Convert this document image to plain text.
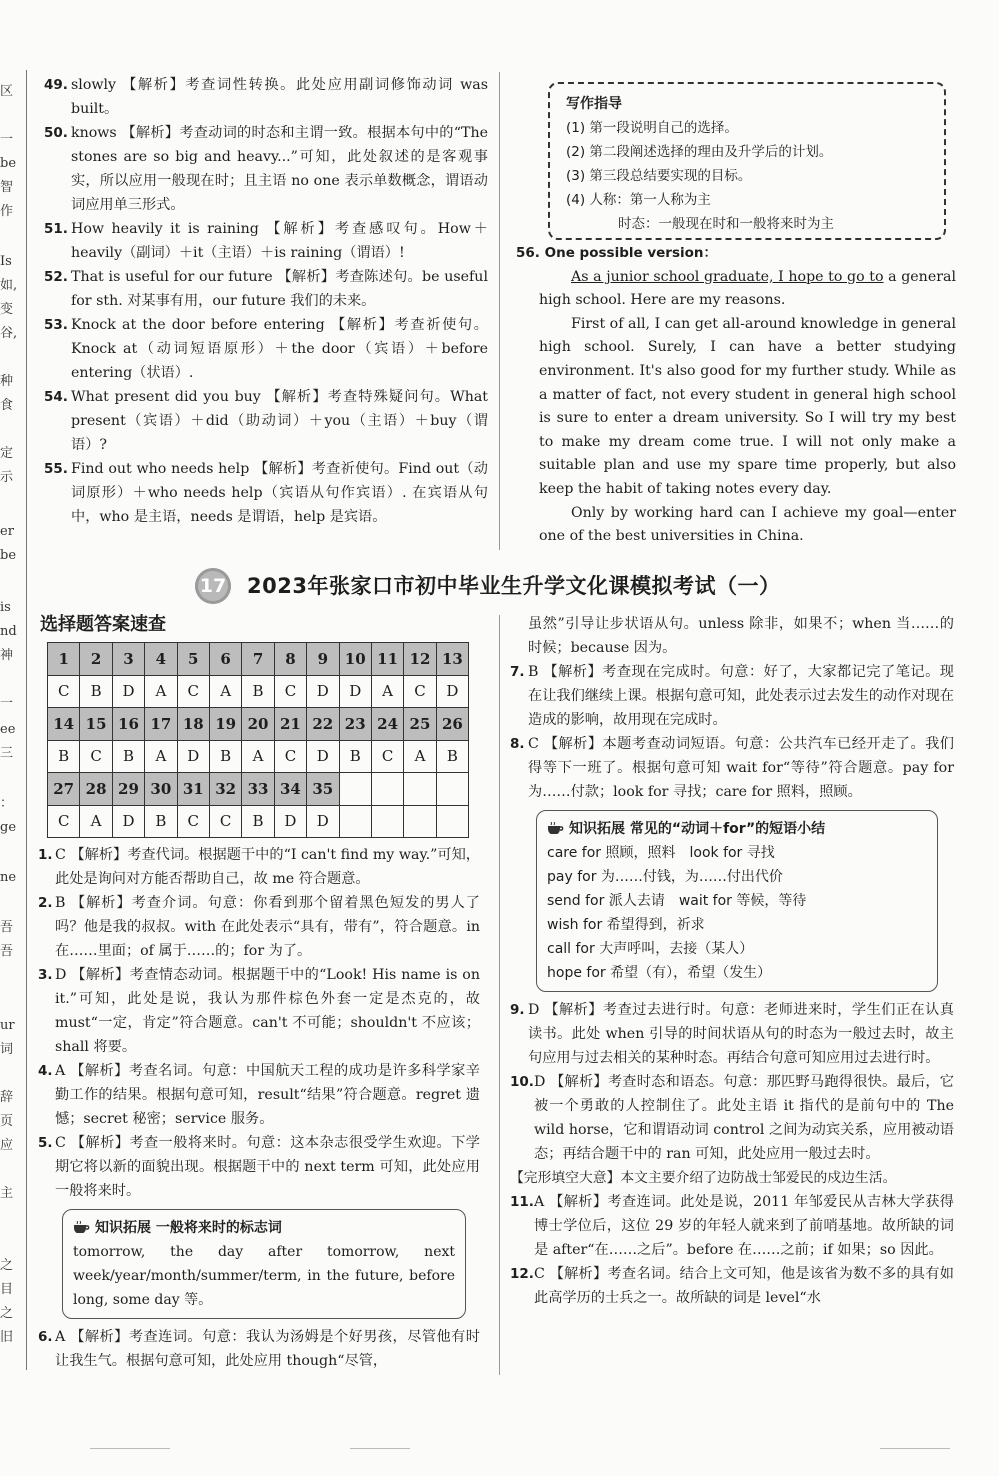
区
一
be
智
作
Is
如,
变
谷,
种
食
定
示
er
be
is
nd
神
一
ee
三
：
ge
ne
吾
吾
ur
词
辞
页
应
主
之
目
之
旧
49. slowly 【解析】考查词性转换。此处应用副词修饰动词 was built。

50. knows 【解析】考查动词的时态和主谓一致。根据本句中的“The stones are so big and heavy...”可知，此处叙述的是客观事实，所以应用一般现在时；且主语 no one 表示单数概念，谓语动词应用单三形式。

51. How heavily it is raining 【解析】考查感叹句。How＋heavily（副词）＋it（主语）＋is raining（谓语）!

52. That is useful for our future 【解析】考查陈述句。be useful for sth. 对某事有用，our future 我们的未来。

53. Knock at the door before entering 【解析】考查祈使句。Knock at（动词短语原形）＋the door（宾语）＋before entering（状语）.

54. What present did you buy 【解析】考查特殊疑问句。What present（宾语）＋did（助动词）＋you（主语）＋buy（谓语）?

55. Find out who needs help 【解析】考查祈使句。Find out（动词原形）＋who needs help（宾语从句作宾语）. 在宾语从句中，who 是主语，needs 是谓语，help 是宾语。

写作指导
(1) 第一段说明自己的选择。
(2) 第二段阐述选择的理由及升学后的计划。
(3) 第三段总结要实现的目标。
(4) 人称：第一人称为主
时态：一般现在时和一般将来时为主
56. One possible version：

As a junior school graduate, I hope to go to a general high school. Here are my reasons.

First of all, I can get all-around knowledge in general high school. Surely, I can have a better studying environment. It's also good for my further study. While as a matter of fact, not every student in general high school is sure to enter a dream university. So I will try my best to make my dream come true. I will not only make a suitable plan and use my spare time properly, but also keep the habit of taking notes every day.

Only by working hard can I achieve my goal—enter one of the best universities in China.

17 2023年张家口市初中毕业生升学文化课模拟考试（一）
选择题答案速查
1	2	3	4	5	6	7	8	9	10	11	12	13
C	B	D	A	C	A	B	C	D	D	A	C	D
14	15	16	17	18	19	20	21	22	23	24	25	26
B	C	B	A	D	B	A	C	D	B	C	A	B
27	28	29	30	31	32	33	34	35				
C	A	D	B	C	C	B	D	D				
1. C 【解析】考查代词。根据题干中的“I can't find my way.”可知，此处是询问对方能否帮助自己，故 me 符合题意。

2. B 【解析】考查介词。句意：你看到那个留着黑色短发的男人了吗？他是我的叔叔。with 在此处表示“具有，带有”，符合题意。in 在……里面；of 属于……的；for 为了。

3. D 【解析】考查情态动词。根据题干中的“Look! His name is on it.”可知，此处是说，我认为那件棕色外套一定是杰克的，故 must“一定，肯定”符合题意。can't 不可能；shouldn't 不应该；shall 将要。

4. A 【解析】考查名词。句意：中国航天工程的成功是许多科学家辛勤工作的结果。根据句意可知，result“结果”符合题意。regret 遗憾；secret 秘密；service 服务。

5. C 【解析】考查一般将来时。句意：这本杂志很受学生欢迎。下学期它将以新的面貌出现。根据题干中的 next term 可知，此处应用一般将来时。

知识拓展 一般将来时的标志词
tomorrow, the day after tomorrow, next week/year/month/summer/term, in the future, before long, some day 等。
6. A 【解析】考查连词。句意：我认为汤姆是个好男孩，尽管他有时让我生气。根据句意可知，此处应用 though“尽管，

虽然”引导让步状语从句。unless 除非，如果不；when 当……的时候；because 因为。

7. B 【解析】考查现在完成时。句意：好了，大家都记完了笔记。现在让我们继续上课。根据句意可知，此处表示过去发生的动作对现在造成的影响，故用现在完成时。

8. C 【解析】本题考查动词短语。句意：公共汽车已经开走了。我们得等下一班了。根据句意可知 wait for“等待”符合题意。pay for 为……付款；look for 寻找；care for 照料，照顾。

知识拓展 常见的“动词＋for”的短语小结
care for 照顾，照料　look for 寻找
pay for 为……付钱，为……付出代价
send for 派人去请　wait for 等候，等待
wish for 希望得到，祈求
call for 大声呼叫，去接（某人）
hope for 希望（有），希望（发生）
9. D 【解析】考查过去进行时。句意：老师进来时，学生们正在认真读书。此处 when 引导的时间状语从句的时态为一般过去时，故主句应用与过去相关的某种时态。再结合句意可知应用过去进行时。

10. D 【解析】考查时态和语态。句意：那匹野马跑得很快。最后，它被一个勇敢的人控制住了。此处主语 it 指代的是前句中的 The wild horse，它和谓语动词 control 之间为动宾关系，应用被动语态；再结合题干中的 ran 可知，此处应用一般过去时。

【完形填空大意】本文主要介绍了边防战士邹爱民的戍边生活。

11. A 【解析】考查连词。此处是说，2011 年邹爱民从吉林大学获得博士学位后，这位 29 岁的年轻人就来到了前哨基地。故所缺的词是 after“在……之后”。before 在……之前；if 如果；so 因此。

12. C 【解析】考查名词。结合上文可知，他是该省为数不多的具有如此高学历的士兵之一。故所缺的词是 level“水
